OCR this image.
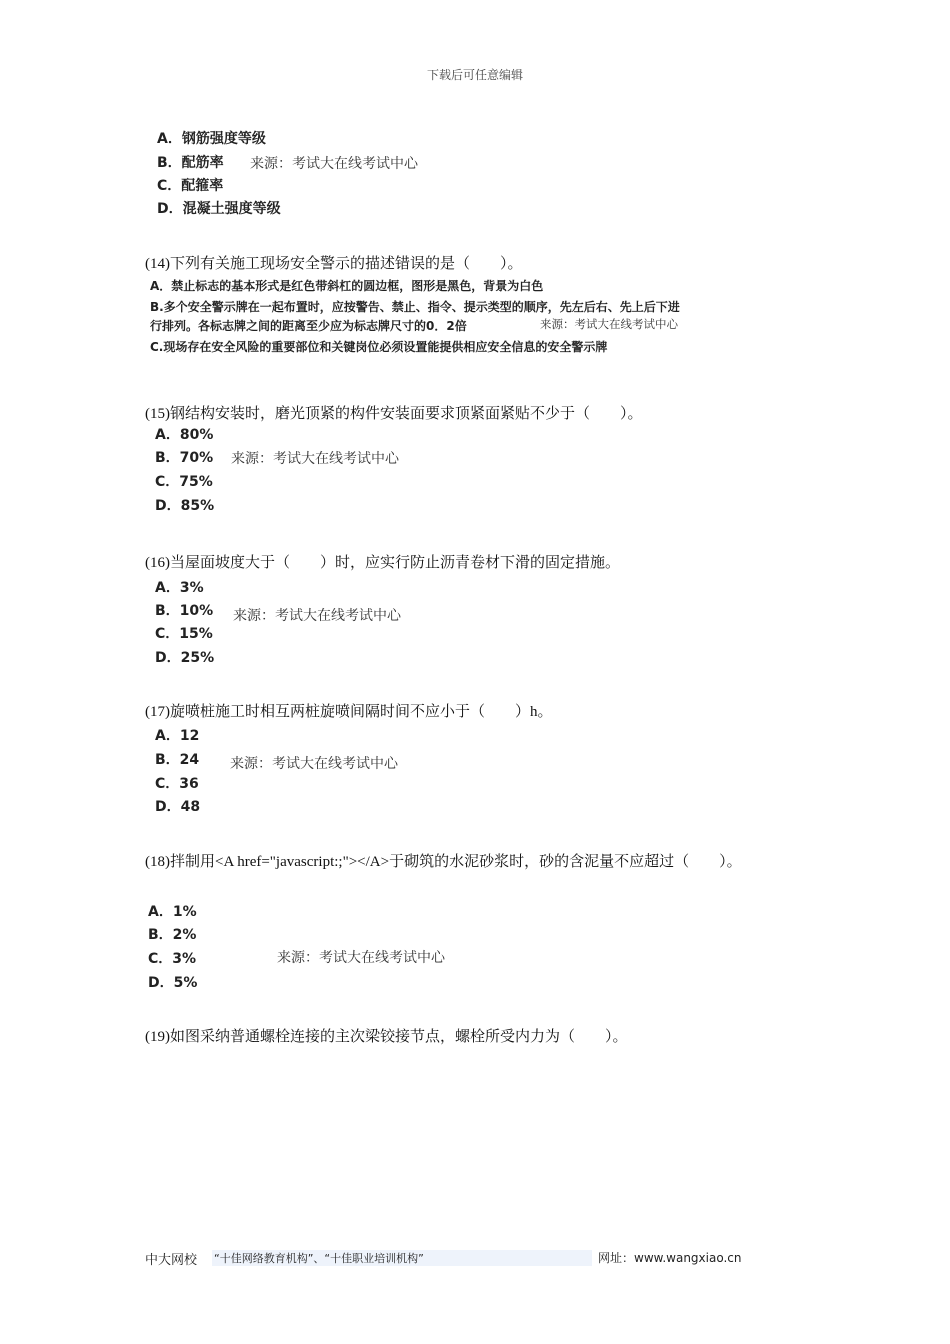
下载后可任意编辑
A．钢筋强度等级
B．配筋率 来源：考试大在线考试中心
C．配箍率
D．混凝土强度等级
(14)下列有关施工现场安全警示的描述错误的是（　　）。
A．禁止标志的基本形式是红色带斜杠的圆边框，图形是黑色，背景为白色
B.多个安全警示牌在一起布置时，应按警告、禁止、指令、提示类型的顺序，先左后右、先上后下进
行排列。各标志牌之间的距离至少应为标志牌尺寸的0．2倍	来源：考试大在线考试中心
C.现场存在安全风险的重要部位和关键岗位必须设置能提供相应安全信息的安全警示牌
(15)钢结构安装时，磨光顶紧的构件安装面要求顶紧面紧贴不少于（　　）。
A．80%
B．70% 来源：考试大在线考试中心
C．75%
D．85%
(16)当屋面坡度大于（　　）时，应实行防止沥青卷材下滑的固定措施。
A．3%
B．10% 来源：考试大在线考试中心
C．15%
D．25%
(17)旋喷桩施工时相互两桩旋喷间隔时间不应小于（　　）h。
A．12
B．24 来源：考试大在线考试中心
C．36
D．48
(18)拌制用<A href="javascript:;"></A>于砌筑的水泥砂浆时，砂的含泥量不应超过（　　）。
A．1%
B．2%
C．3%	来源：考试大在线考试中心
D．5%
(19)如图采纳普通螺栓连接的主次梁铰接节点，螺栓所受内力为（　　）。
中大网校 “十佳网络教育机构”、“十佳职业培训机构”	网址：www.wangxiao.cn
